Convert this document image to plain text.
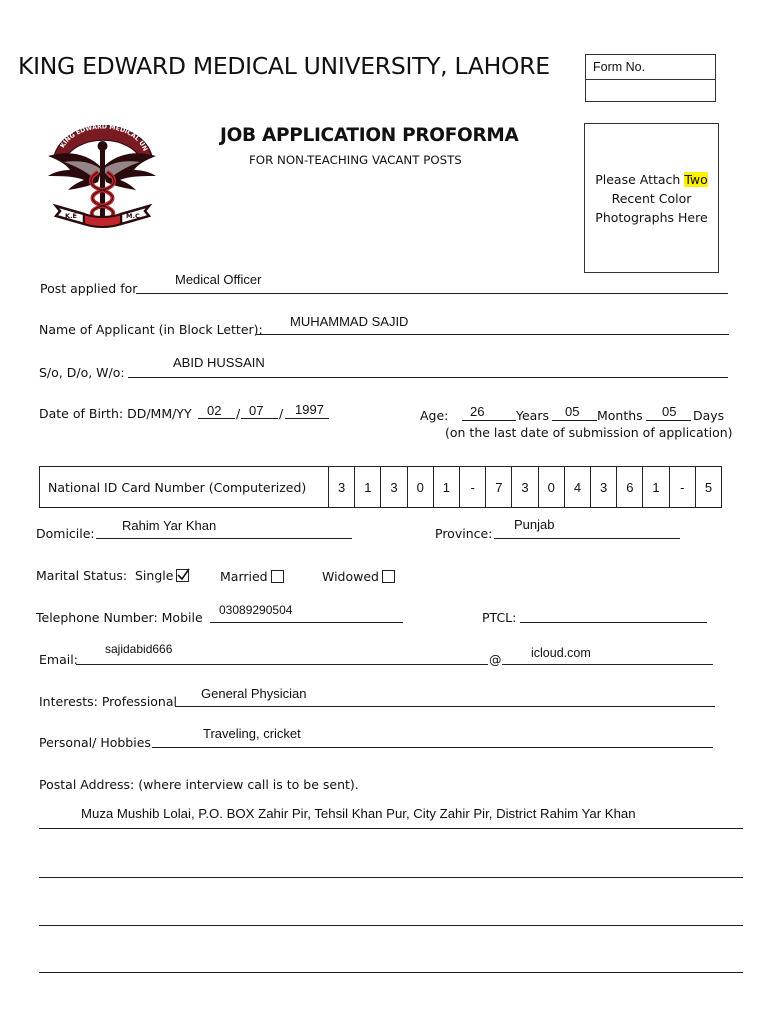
KING EDWARD MEDICAL UNIVERSITY, LAHORE	Form No.
KING EDWARD MEDICAL UN
K.E	M.C
JOB APPLICATION PROFORMA
FOR NON-TEACHING VACANT POSTS
Please Attach Two
Recent Color
Photographs Here
Post applied for
Medical Officer
Name of Applicant (in Block Letter):
MUHAMMAD SAJID
S/o, D/o, W/o:
ABID HUSSAIN
Date of Birth: DD/MM/YY 02 / 07 / 1997	Age: 26	Years 05 Months 05 Days
(on the last date of submission of application)
National ID Card Number (Computerized)	3	1	3	0	1	-	7	3	0	4	3	6	1	-	5
Domicile:
Rahim Yar Khan
Province:
Punjab
Marital Status: Single	Married	Widowed
Telephone Number: Mobile 03089290504	PTCL:
Email:
sajidabid666
@ icloud.com
Interests: Professional
General Physician
Personal/ Hobbies
Traveling, cricket
Postal Address: (where interview call is to be sent).
Muza Mushib Lolai, P.O. BOX Zahir Pir, Tehsil Khan Pur, City Zahir Pir, District Rahim Yar Khan
